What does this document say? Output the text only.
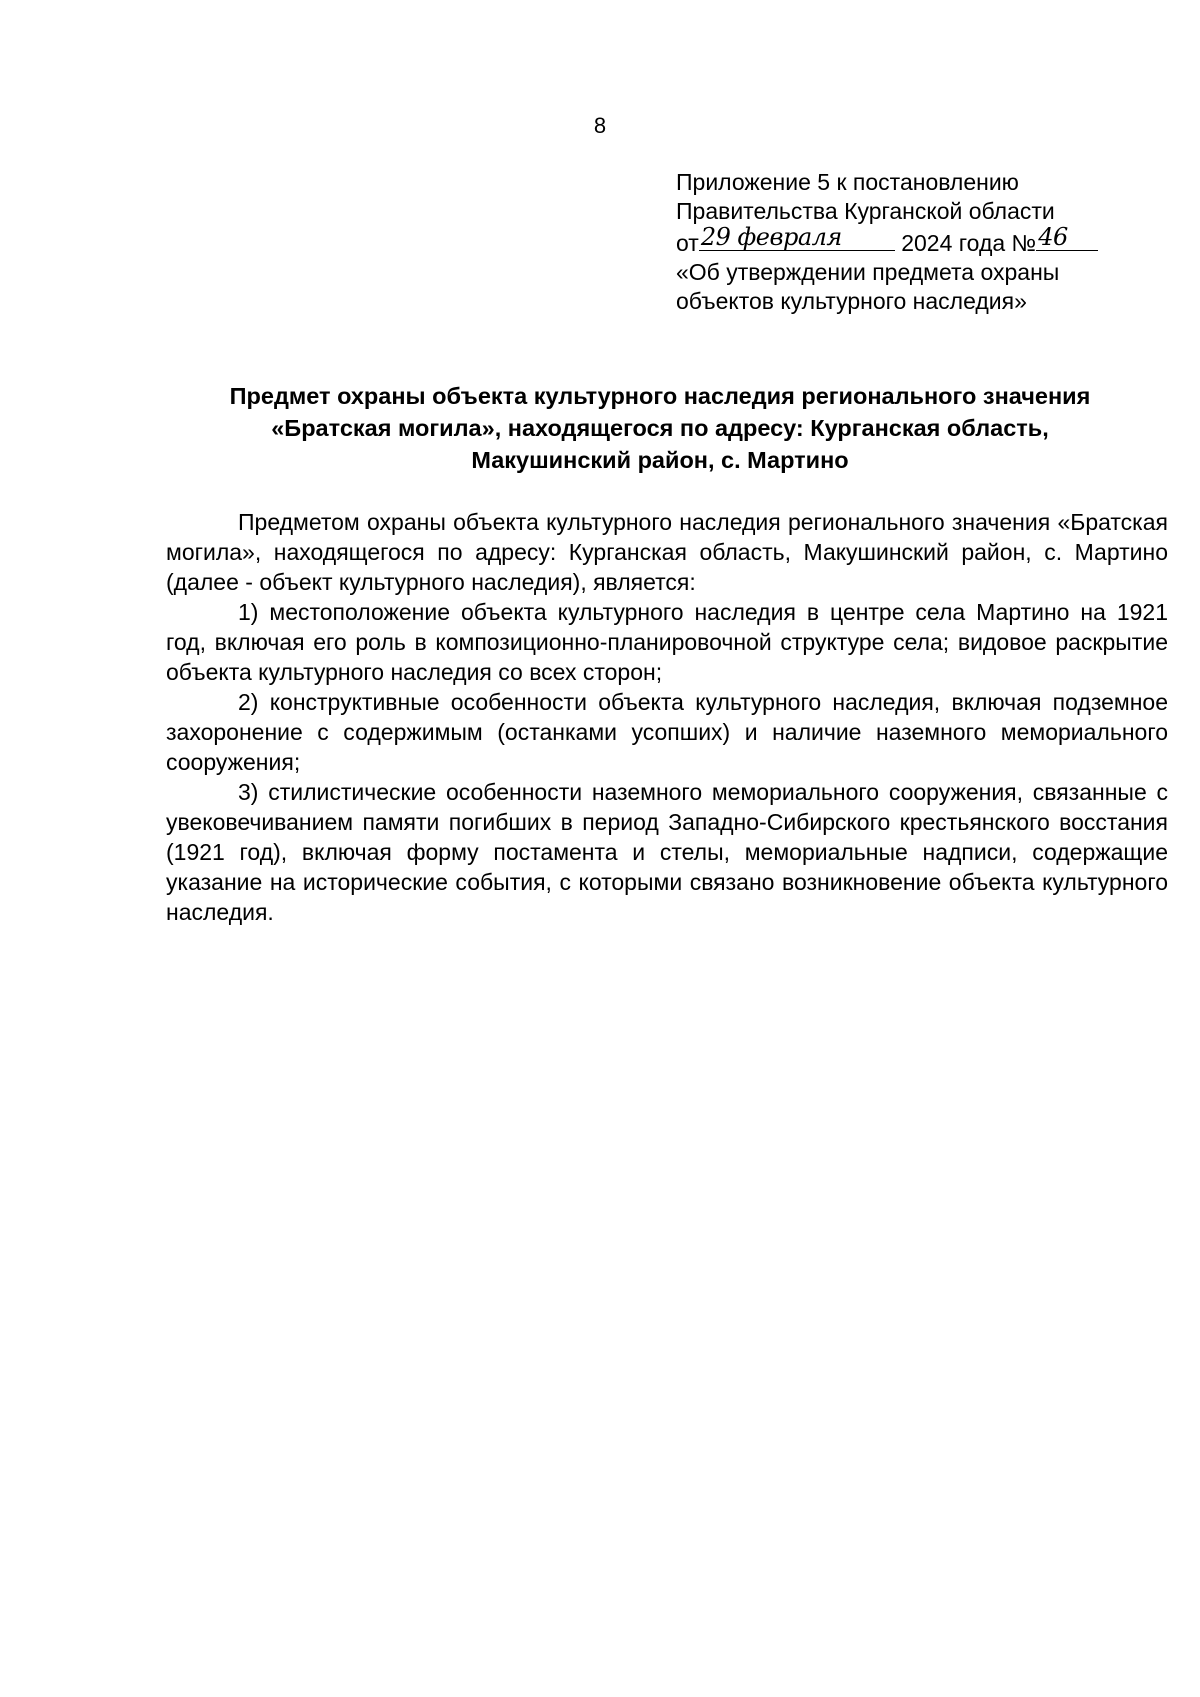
8
Приложение 5 к постановлению
Правительства Курганской области
от 29 февраля	2024 года № 46
«Об утверждении предмета охраны
объектов культурного наследия»
Предмет охраны объекта культурного наследия регионального значения
«Братская могила», находящегося по адресу: Курганская область,
Макушинский район, с. Мартино

Предметом охраны объекта культурного наследия регионального значения «Братская могила», находящегося по адресу: Курганская область, Макушинский район, с. Мартино (далее - объект культурного наследия), является:

1) местоположение объекта культурного наследия в центре села Мартино на 1921 год, включая его роль в композиционно-планировочной структуре села; видовое раскрытие объекта культурного наследия со всех сторон;

2) конструктивные особенности объекта культурного наследия, включая подземное захоронение с содержимым (останками усопших) и наличие наземного мемориального сооружения;

3) стилистические особенности наземного мемориального сооружения, связанные с увековечиванием памяти погибших в период Западно-Сибирского крестьянского восстания (1921 год), включая форму постамента и стелы, мемориальные надписи, содержащие указание на исторические события, с которыми связано возникновение объекта культурного наследия.
